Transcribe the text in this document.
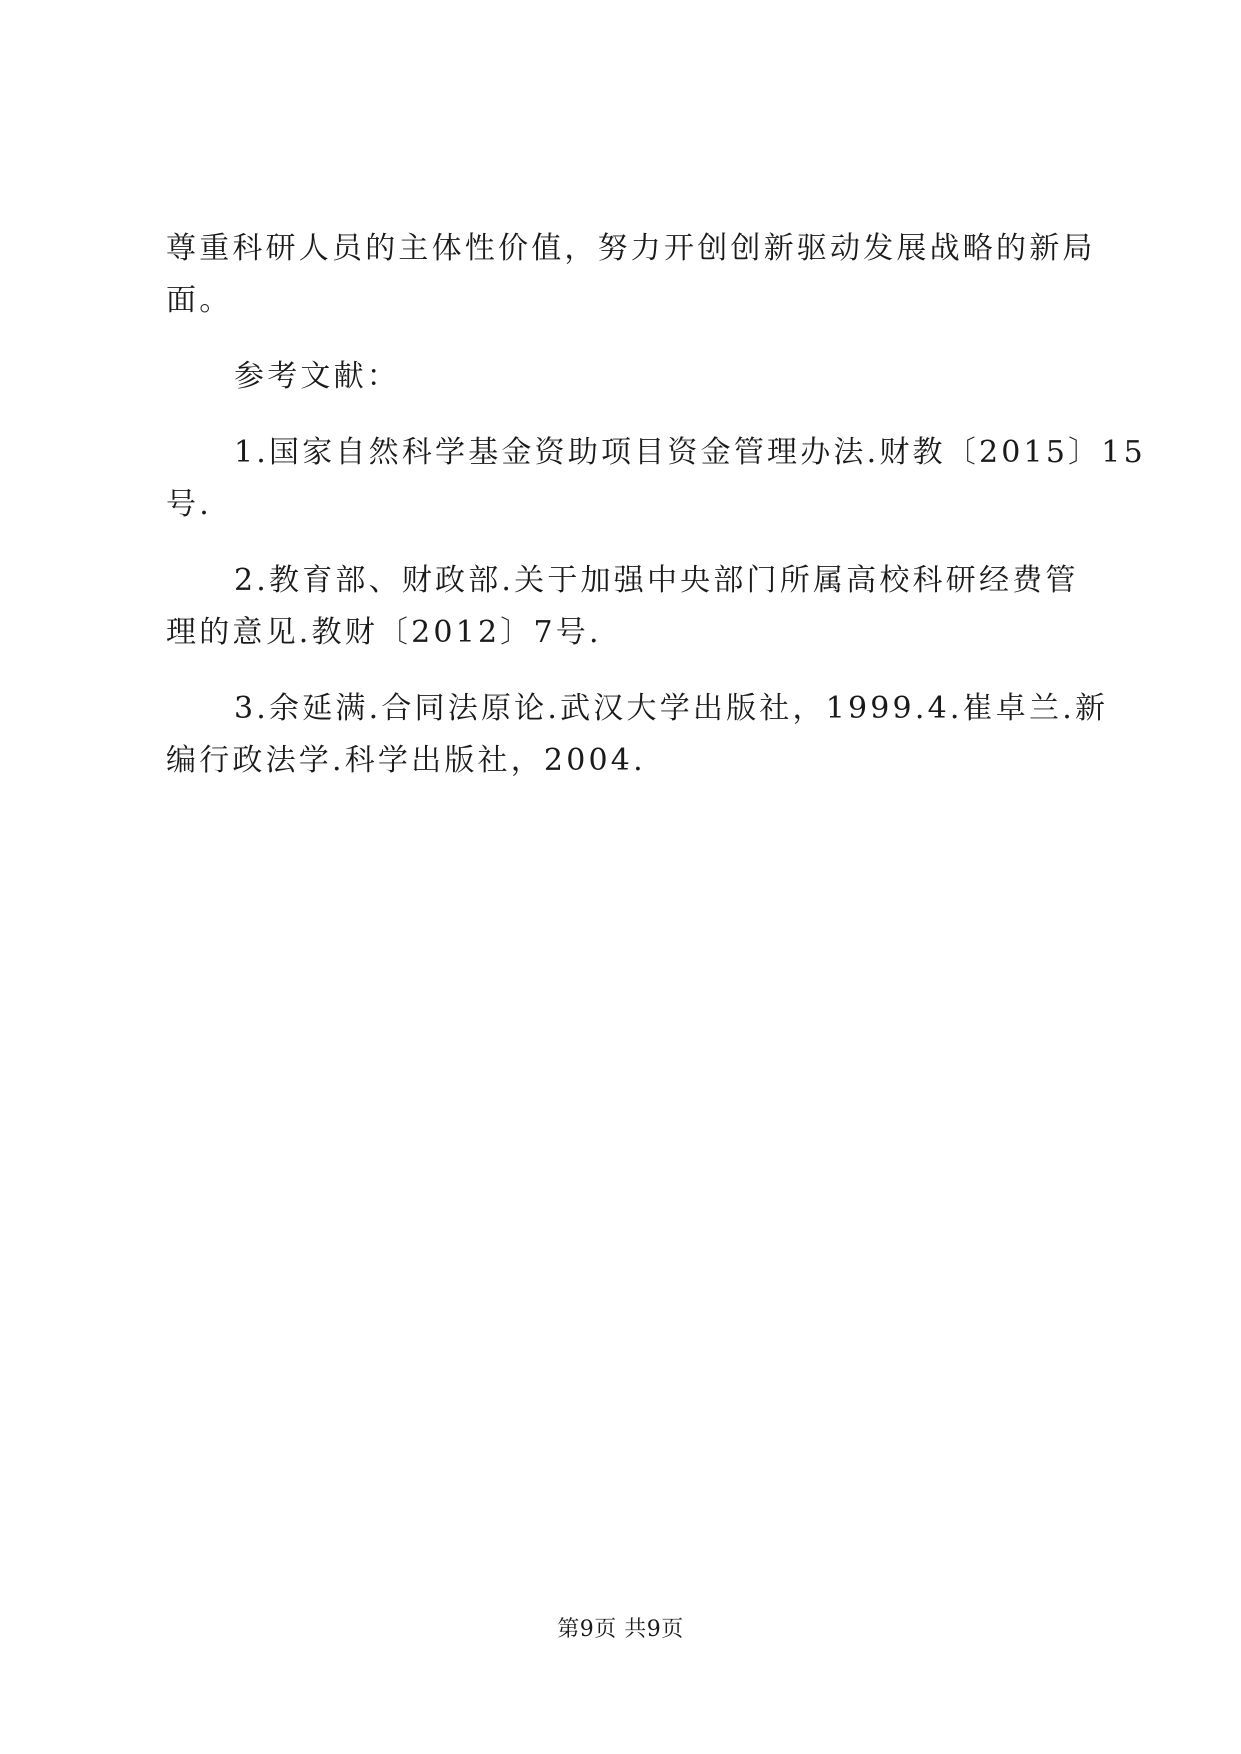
尊重科研人员的主体性价值，努力开创创新驱动发展战略的新局
面。
参考文献：
1.国家自然科学基金资助项目资金管理办法.财教〔2015〕15
号.
2.教育部、财政部.关于加强中央部门所属高校科研经费管
理的意见.教财〔2012〕7号.
3.余延满.合同法原论.武汉大学出版社，1999.4.崔卓兰.新
编行政法学.科学出版社，2004.
第9页 共9页
